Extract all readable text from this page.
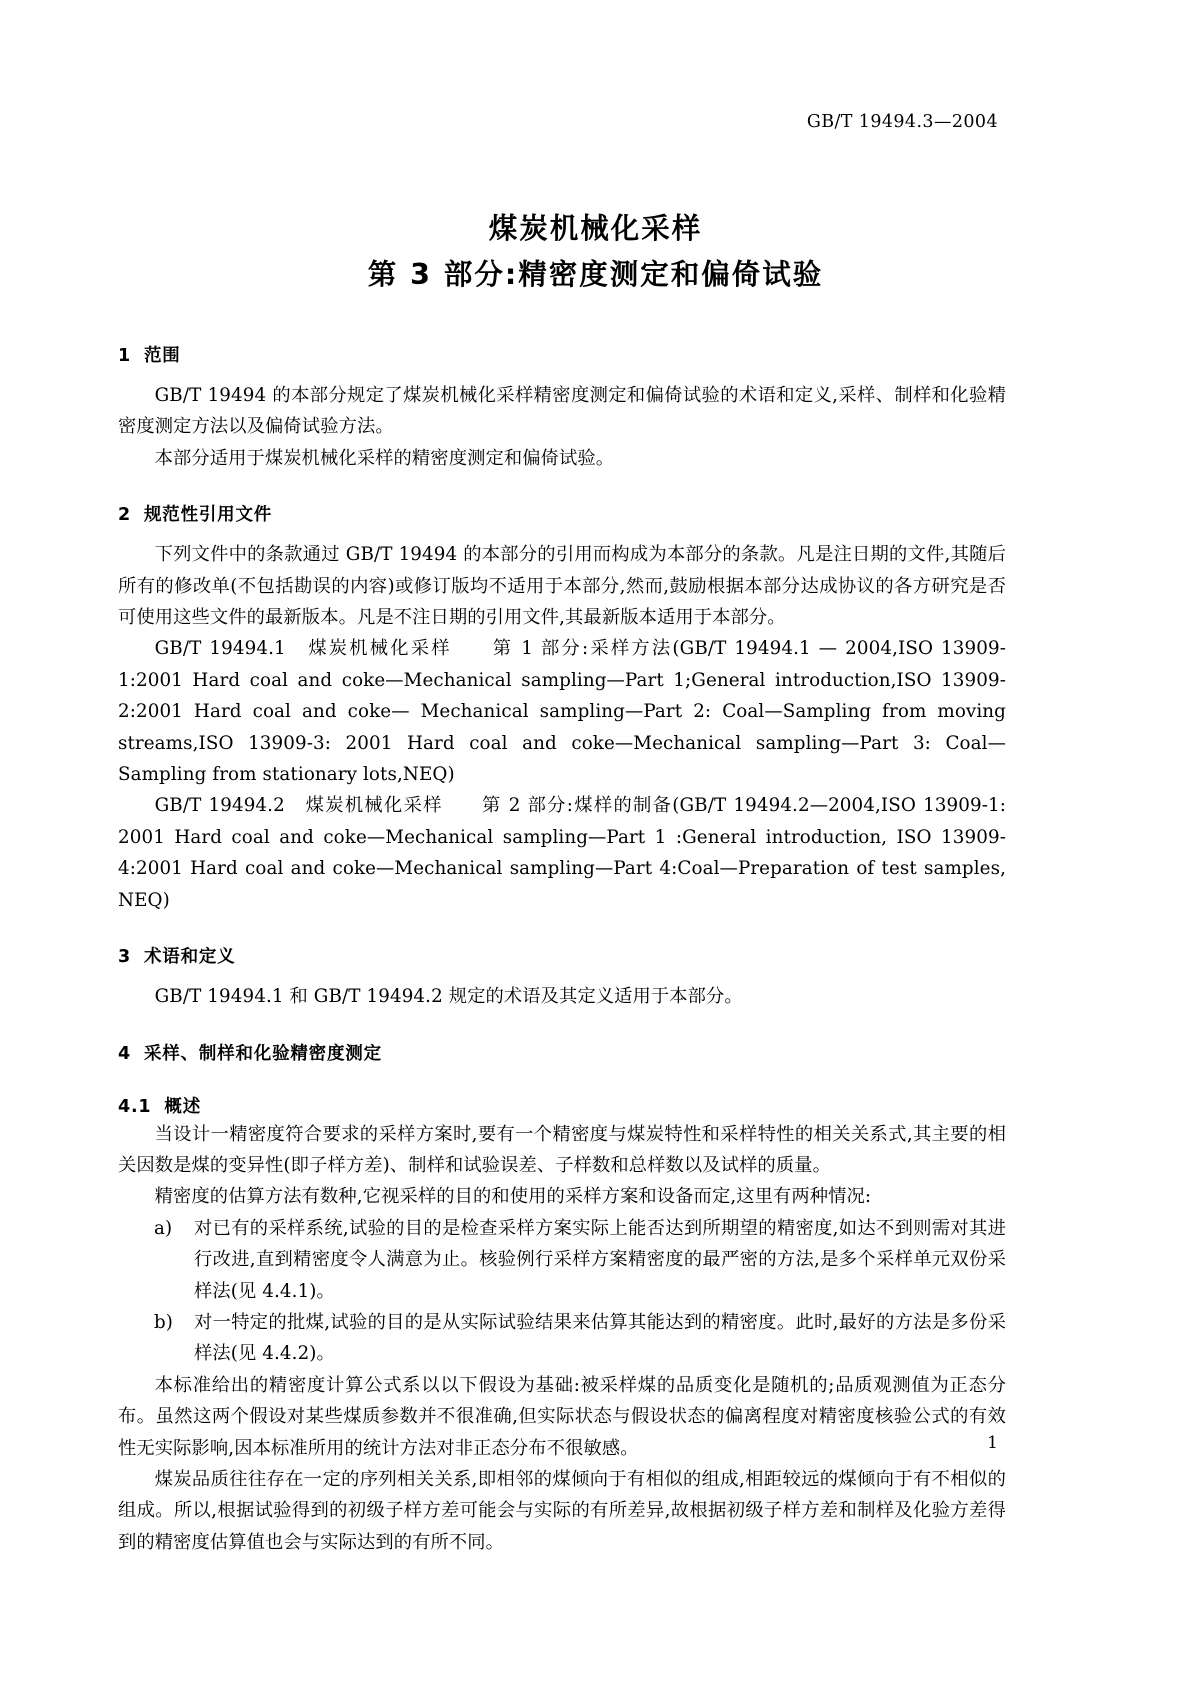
GB/T 19494.3—2004
煤炭机械化采样
第 3 部分:精密度测定和偏倚试验
1 范围

GB/T 19494 的本部分规定了煤炭机械化采样精密度测定和偏倚试验的术语和定义,采样、制样和化验精密度测定方法以及偏倚试验方法。

本部分适用于煤炭机械化采样的精密度测定和偏倚试验。

2 规范性引用文件

下列文件中的条款通过 GB/T 19494 的本部分的引用而构成为本部分的条款。凡是注日期的文件,其随后所有的修改单(不包括勘误的内容)或修订版均不适用于本部分,然而,鼓励根据本部分达成协议的各方研究是否可使用这些文件的最新版本。凡是不注日期的引用文件,其最新版本适用于本部分。

GB/T 19494.1　煤炭机械化采样　　第 1 部分:采样方法(GB/T 19494.1 — 2004,ISO 13909-1:2001 Hard coal and coke—Mechanical sampling—Part 1;General introduction,ISO 13909-2:2001 Hard coal and coke— Mechanical sampling—Part 2: Coal—Sampling from moving streams,ISO 13909-3: 2001 Hard coal and coke—Mechanical sampling—Part 3: Coal—Sampling from stationary lots,NEQ)

GB/T 19494.2　煤炭机械化采样　　第 2 部分:煤样的制备(GB/T 19494.2—2004,ISO 13909-1: 2001 Hard coal and coke—Mechanical sampling—Part 1 :General introduction, ISO 13909-4:2001 Hard coal and coke—Mechanical sampling—Part 4:Coal—Preparation of test samples, NEQ)

3 术语和定义

GB/T 19494.1 和 GB/T 19494.2 规定的术语及其定义适用于本部分。

4 采样、制样和化验精密度测定
4.1 概述

当设计一精密度符合要求的采样方案时,要有一个精密度与煤炭特性和采样特性的相关关系式,其主要的相关因数是煤的变异性(即子样方差)、制样和试验误差、子样数和总样数以及试样的质量。

精密度的估算方法有数种,它视采样的目的和使用的采样方案和设备而定,这里有两种情况:

a) 对已有的采样系统,试验的目的是检查采样方案实际上能否达到所期望的精密度,如达不到则需对其进行改进,直到精密度令人满意为止。核验例行采样方案精密度的最严密的方法,是多个采样单元双份采样法(见 4.4.1)。
b) 对一特定的批煤,试验的目的是从实际试验结果来估算其能达到的精密度。此时,最好的方法是多份采样法(见 4.4.2)。

本标准给出的精密度计算公式系以以下假设为基础:被采样煤的品质变化是随机的;品质观测值为正态分布。虽然这两个假设对某些煤质参数并不很准确,但实际状态与假设状态的偏离程度对精密度核验公式的有效性无实际影响,因本标准所用的统计方法对非正态分布不很敏感。

煤炭品质往往存在一定的序列相关关系,即相邻的煤倾向于有相似的组成,相距较远的煤倾向于有不相似的组成。所以,根据试验得到的初级子样方差可能会与实际的有所差异,故根据初级子样方差和制样及化验方差得到的精密度估算值也会与实际达到的有所不同。

1
